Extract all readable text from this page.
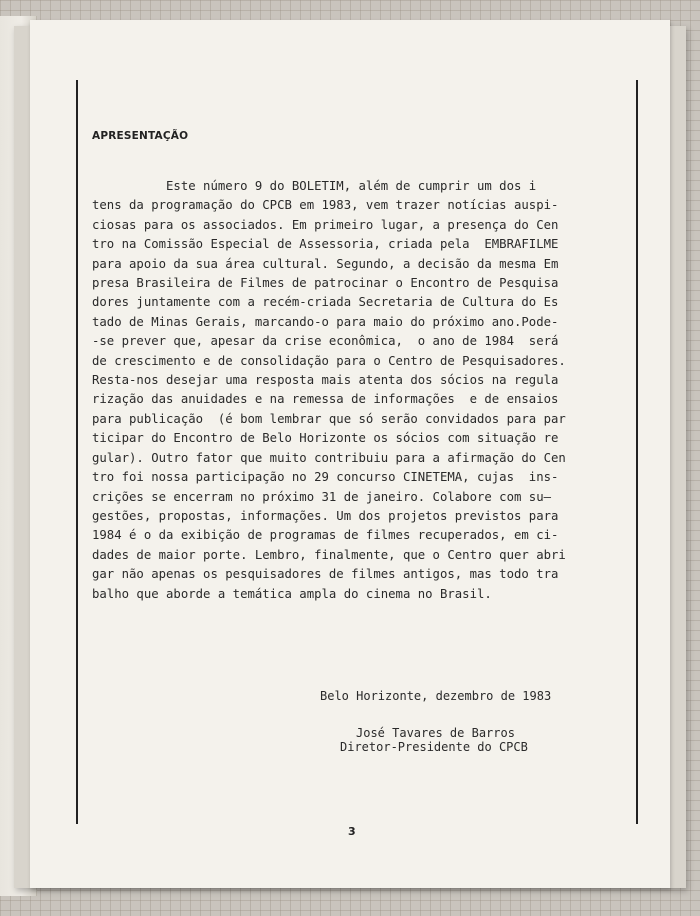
APRESENTAÇÃO
Este número 9 do BOLETIM, além de cumprir um dos i
tens da programação do CPCB em 1983, vem trazer notícias auspi-
ciosas para os associados. Em primeiro lugar, a presença do Cen
tro na Comissão Especial de Assessoria, criada pela  EMBRAFILME
para apoio da sua área cultural. Segundo, a decisão da mesma Em
presa Brasileira de Filmes de patrocinar o Encontro de Pesquisa
dores juntamente com a recém-criada Secretaria de Cultura do Es
tado de Minas Gerais, marcando-o para maio do próximo ano.Pode-
-se prever que, apesar da crise econômica,  o ano de 1984  será
de crescimento e de consolidação para o Centro de Pesquisadores.
Resta-nos desejar uma resposta mais atenta dos sócios na regula
rização das anuidades e na remessa de informações  e de ensaios
para publicação  (é bom lembrar que só serão convidados para par
ticipar do Encontro de Belo Horizonte os sócios com situação re
gular). Outro fator que muito contribuiu para a afirmação do Cen
tro foi nossa participação no 29 concurso CINETEMA, cujas  ins-
crições se encerram no próximo 31 de janeiro. Colabore com su—
gestões, propostas, informações. Um dos projetos previstos para
1984 é o da exibição de programas de filmes recuperados, em ci-
dades de maior porte. Lembro, finalmente, que o Centro quer abri
gar não apenas os pesquisadores de filmes antigos, mas todo tra
balho que aborde a temática ampla do cinema no Brasil.
Belo Horizonte, dezembro de 1983
José Tavares de Barros
Diretor-Presidente do CPCB
3
